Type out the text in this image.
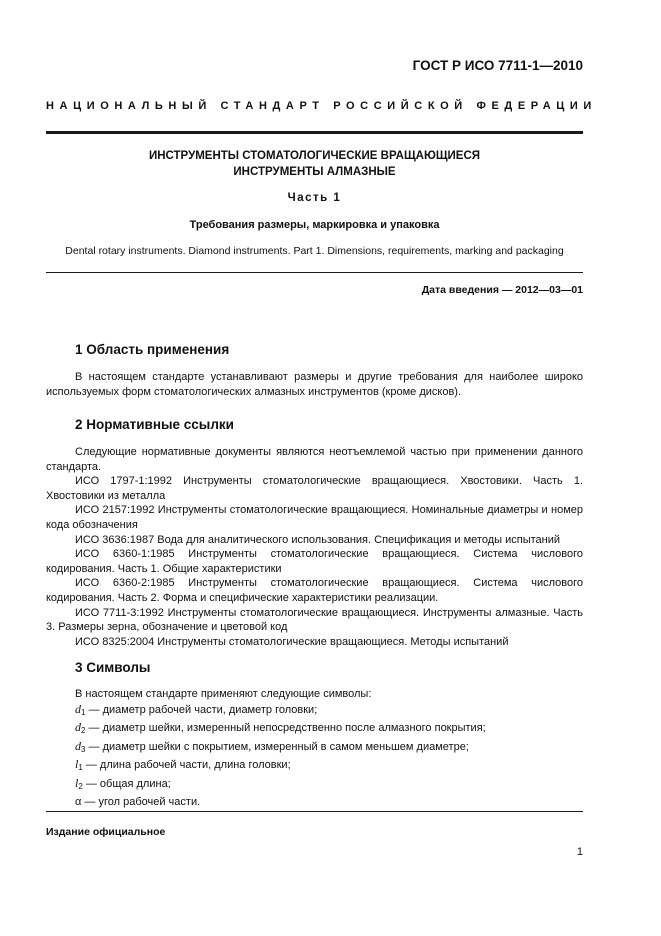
ГОСТ Р ИСО 7711-1—2010
НАЦИОНАЛЬНЫЙ СТАНДАРТ РОССИЙСКОЙ ФЕДЕРАЦИИ
ИНСТРУМЕНТЫ СТОМАТОЛОГИЧЕСКИЕ ВРАЩАЮЩИЕСЯ
ИНСТРУМЕНТЫ АЛМАЗНЫЕ
Часть 1
Требования размеры, маркировка и упаковка
Dental rotary instruments. Diamond instruments. Part 1. Dimensions, requirements, marking and packaging
Дата введения — 2012—03—01
1 Область применения

В настоящем стандарте устанавливают размеры и другие требования для наиболее широко используемых форм стоматологических алмазных инструментов (кроме дисков).

2 Нормативные ссылки

Следующие нормативные документы являются неотъемлемой частью при применении данного стандарта.

ИСО 1797-1:1992 Инструменты стоматологические вращающиеся. Хвостовики. Часть 1. Хвостовики из металла

ИСО 2157:1992 Инструменты стоматологические вращающиеся. Номинальные диаметры и номер кода обозначения

ИСО 3636:1987 Вода для аналитического использования. Спецификация и методы испытаний

ИСО 6360-1:1985 Инструменты стоматологические вращающиеся. Система числового кодирования. Часть 1. Общие характеристики

ИСО 6360-2:1985 Инструменты стоматологические вращающиеся. Система числового кодирования. Часть 2. Форма и специфические характеристики реализации.

ИСО 7711-3:1992 Инструменты стоматологические вращающиеся. Инструменты алмазные. Часть 3. Размеры зерна, обозначение и цветовой код

ИСО 8325:2004 Инструменты стоматологические вращающиеся. Методы испытаний

3 Символы
В настоящем стандарте применяют следующие символы:
$d_1$ — диаметр рабочей части, диаметр головки;
$d_2$ — диаметр шейки, измеренный непосредственно после алмазного покрытия;
$d_3$ — диаметр шейки с покрытием, измеренный в самом меньшем диаметре;
$l_1$ — длина рабочей части, длина головки;
$l_2$ — общая длина;
α — угол рабочей части.
Издание официальное
1
